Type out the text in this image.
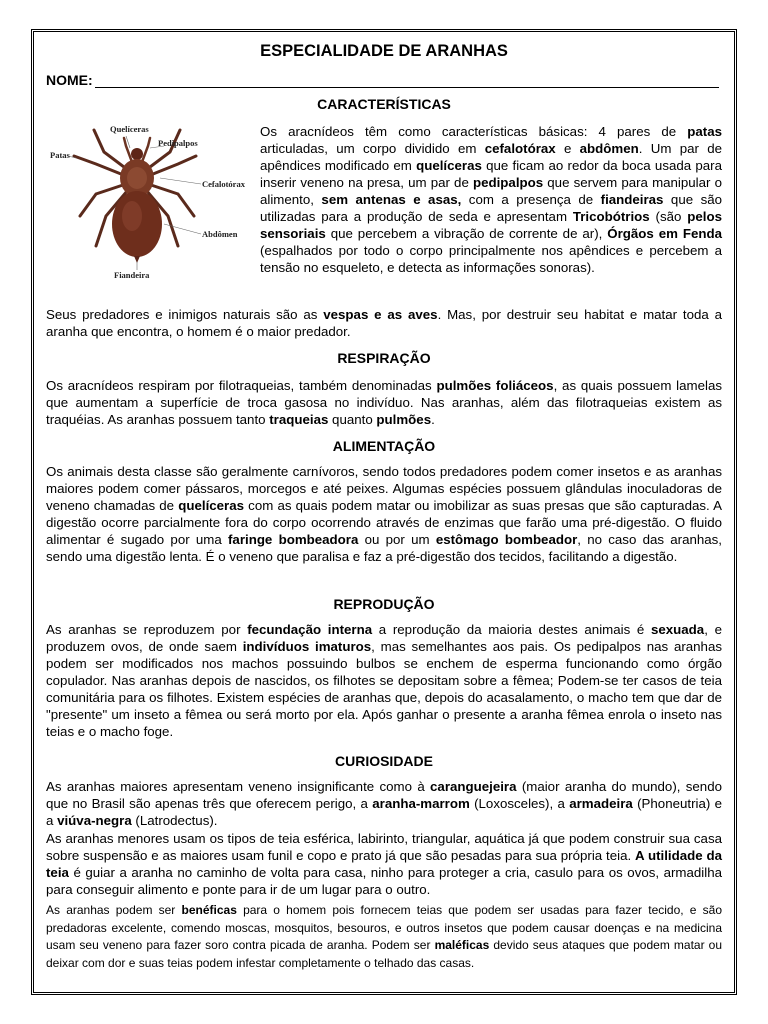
ESPECIALIDADE DE ARANHAS
NOME:
CARACTERÍSTICAS
Quelíceras
Pedipalpos
Patas
Cefalotórax
Abdômen
Fiandeira

Os aracnídeos têm como características básicas: 4 pares de patas articuladas, um corpo dividido em cefalotórax e abdômen. Um par de apêndices modificado em quelíceras que ficam ao redor da boca usada para inserir veneno na presa, um par de pedipalpos que servem para manipular o alimento, sem antenas e asas, com a presença de fiandeiras que são utilizadas para a produção de seda e apresentam Tricobótrios (são pelos sensoriais que percebem a vibração de corrente de ar), Órgãos em Fenda (espalhados por todo o corpo principalmente nos apêndices e percebem a tensão no esqueleto, e detecta as informações sonoras).

Seus predadores e inimigos naturais são as vespas e as aves. Mas, por destruir seu habitat e matar toda a aranha que encontra, o homem é o maior predador.

RESPIRAÇÃO

Os aracnídeos respiram por filotraqueias, também denominadas pulmões foliáceos, as quais possuem lamelas que aumentam a superfície de troca gasosa no indivíduo. Nas aranhas, além das filotraqueias existem as traquéias. As aranhas possuem tanto traqueias quanto pulmões.

ALIMENTAÇÃO

Os animais desta classe são geralmente carnívoros, sendo todos predadores podem comer insetos e as aranhas maiores podem comer pássaros, morcegos e até peixes. Algumas espécies possuem glândulas inoculadoras de veneno chamadas de quelíceras com as quais podem matar ou imobilizar as suas presas que são capturadas. A digestão ocorre parcialmente fora do corpo ocorrendo através de enzimas que farão uma pré-digestão. O fluido alimentar é sugado por uma faringe bombeadora ou por um estômago bombeador, no caso das aranhas, sendo uma digestão lenta. É o veneno que paralisa e faz a pré-digestão dos tecidos, facilitando a digestão.

REPRODUÇÃO

As aranhas se reproduzem por fecundação interna a reprodução da maioria destes animais é sexuada, e produzem ovos, de onde saem indivíduos imaturos, mas semelhantes aos pais. Os pedipalpos nas aranhas podem ser modificados nos machos possuindo bulbos se enchem de esperma funcionando como órgão copulador. Nas aranhas depois de nascidos, os filhotes se depositam sobre a fêmea; Podem-se ter casos de teia comunitária para os filhotes. Existem espécies de aranhas que, depois do acasalamento, o macho tem que dar de "presente" um inseto a fêmea ou será morto por ela. Após ganhar o presente a aranha fêmea enrola o inseto nas teias e o macho foge.

CURIOSIDADE

As aranhas maiores apresentam veneno insignificante como à caranguejeira (maior aranha do mundo), sendo que no Brasil são apenas três que oferecem perigo, a aranha-marrom (Loxosceles), a armadeira (Phoneutria) e a viúva-negra (Latrodectus).

As aranhas menores usam os tipos de teia esférica, labirinto, triangular, aquática já que podem construir sua casa sobre suspensão e as maiores usam funil e copo e prato já que são pesadas para sua própria teia. A utilidade da teia é guiar a aranha no caminho de volta para casa, ninho para proteger a cria, casulo para os ovos, armadilha para conseguir alimento e ponte para ir de um lugar para o outro.

As aranhas podem ser benéficas para o homem pois fornecem teias que podem ser usadas para fazer tecido, e são predadoras excelente, comendo moscas, mosquitos, besouros, e outros insetos que podem causar doenças e na medicina usam seu veneno para fazer soro contra picada de aranha. Podem ser maléficas devido seus ataques que podem matar ou deixar com dor e suas teias podem infestar completamente o telhado das casas.
